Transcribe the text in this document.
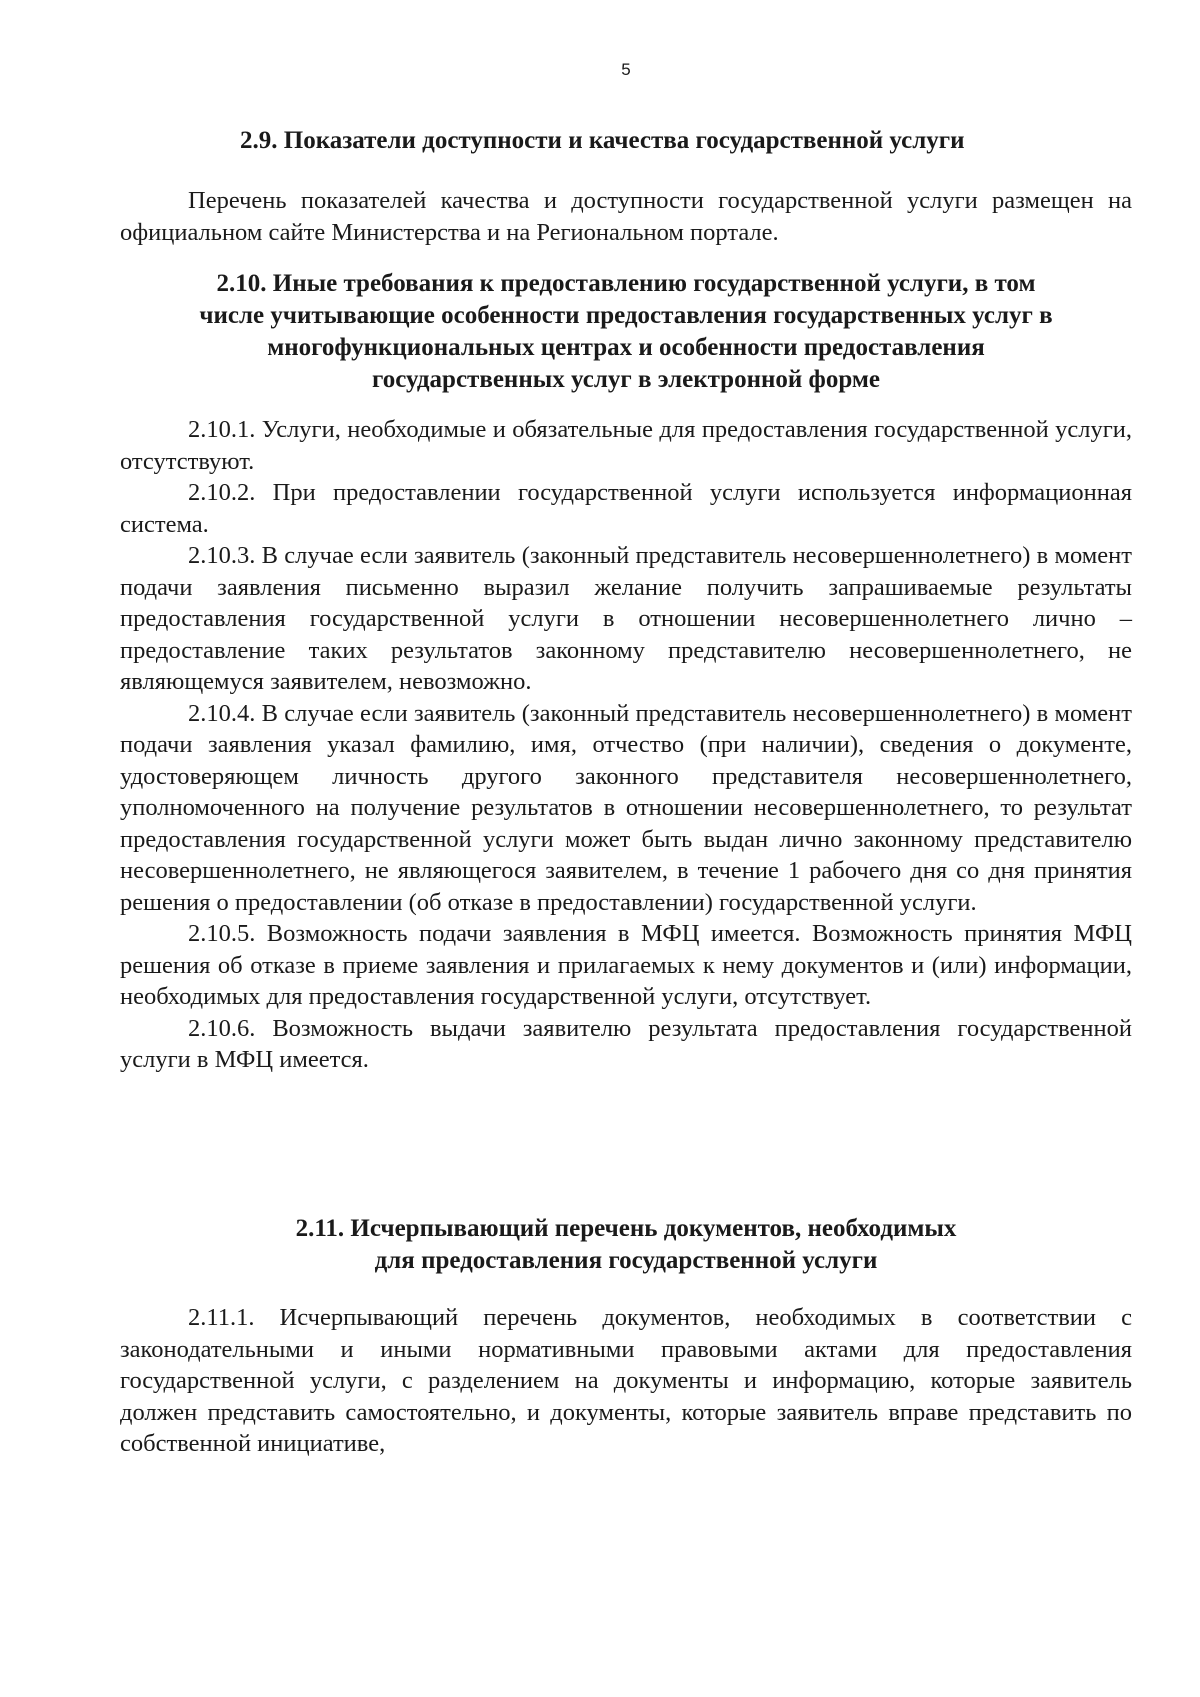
5
2.9. Показатели доступности и качества государственной услуги

Перечень показателей качества и доступности государственной услуги размещен на официальном сайте Министерства и на Региональном портале.

2.10. Иные требования к предоставлению государственной услуги, в том
числе учитывающие особенности предоставления государственных услуг в
многофункциональных центрах и особенности предоставления
государственных услуг в электронной форме

2.10.1. Услуги, необходимые и обязательные для предоставления государственной услуги, отсутствуют.

2.10.2. При предоставлении государственной услуги используется информационная система.

2.10.3. В случае если заявитель (законный представитель несовершеннолетнего) в момент подачи заявления письменно выразил желание получить запрашиваемые результаты предоставления государственной услуги в отношении несовершеннолетнего лично – предоставление таких результатов законному представителю несовершеннолетнего, не являющемуся заявителем, невозможно.

2.10.4. В случае если заявитель (законный представитель несовершеннолетнего) в момент подачи заявления указал фамилию, имя, отчество (при наличии), сведения о документе, удостоверяющем личность другого законного представителя несовершеннолетнего, уполномоченного на получение результатов в отношении несовершеннолетнего, то результат предоставления государственной услуги может быть выдан лично законному представителю несовершеннолетнего, не являющегося заявителем, в течение 1 рабочего дня со дня принятия решения о предоставлении (об отказе в предоставлении) государственной услуги.

2.10.5. Возможность подачи заявления в МФЦ имеется. Возможность принятия МФЦ решения об отказе в приеме заявления и прилагаемых к нему документов и (или) информации, необходимых для предоставления государственной услуги, отсутствует.

2.10.6. Возможность выдачи заявителю результата предоставления государственной услуги в МФЦ имеется.

2.11. Исчерпывающий перечень документов, необходимых
для предоставления государственной услуги

2.11.1. Исчерпывающий перечень документов, необходимых в соответствии с законодательными и иными нормативными правовыми актами для предоставления государственной услуги, с разделением на документы и информацию, которые заявитель должен представить самостоятельно, и документы, которые заявитель вправе представить по собственной инициативе,
